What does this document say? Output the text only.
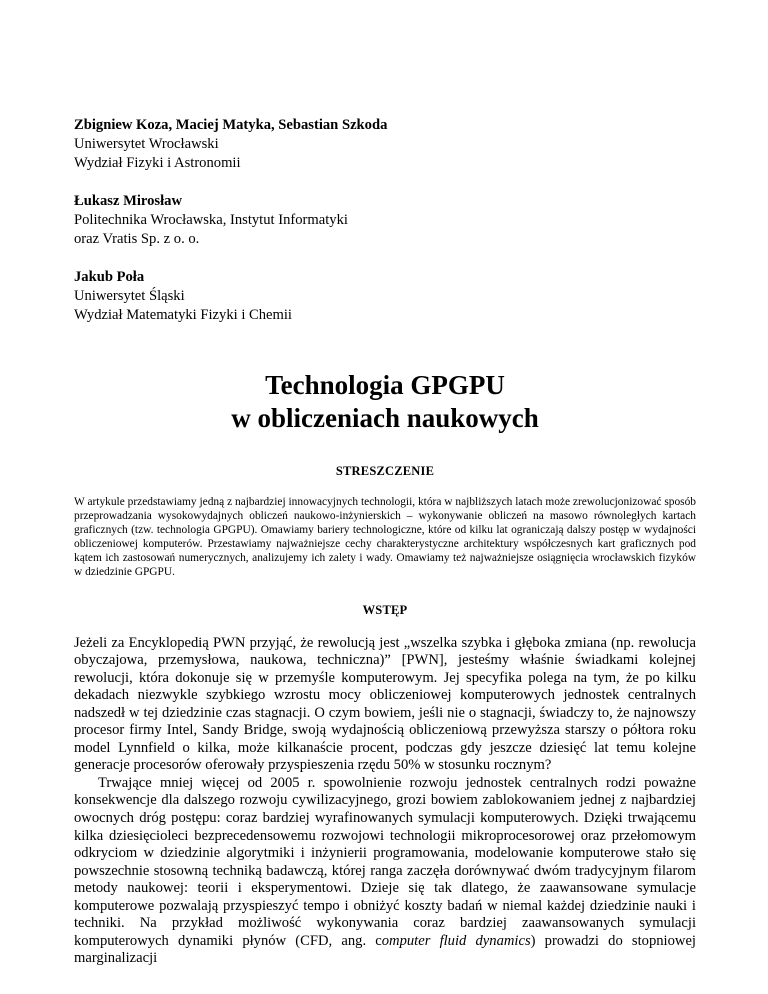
Zbigniew Koza, Maciej Matyka, Sebastian Szkoda
Uniwersytet Wrocławski
Wydział Fizyki i Astronomii
Łukasz Mirosław
Politechnika Wrocławska, Instytut Informatyki
oraz Vratis Sp. z o. o.
Jakub Poła
Uniwersytet Śląski
Wydział Matematyki Fizyki i Chemii
Technologia GPGPU
w obliczeniach naukowych
STRESZCZENIE
W artykule przedstawiamy jedną z najbardziej innowacyjnych technologii, która w najbliższych latach może zrewolucjonizować sposób przeprowadzania wysokowydajnych obliczeń naukowo-inżynierskich – wykonywanie obliczeń na masowo równoległych kartach graficznych (tzw. technologia GPGPU). Omawiamy bariery technologiczne, które od kilku lat ograniczają dalszy postęp w wydajności obliczeniowej komputerów. Przestawiamy najważniejsze cechy charakterystyczne architektury współczesnych kart graficznych pod kątem ich zastosowań numerycznych, analizujemy ich zalety i wady. Omawiamy też najważniejsze osiągnięcia wrocławskich fizyków w dziedzinie GPGPU.
WSTĘP

Jeżeli za Encyklopedią PWN przyjąć, że rewolucją jest „wszelka szybka i głęboka zmiana (np. rewolucja obyczajowa, przemysłowa, naukowa, techniczna)” [PWN], jesteśmy właśnie świadkami kolejnej rewolucji, która dokonuje się w przemyśle komputerowym. Jej specyfika polega na tym, że po kilku dekadach niezwykle szybkiego wzrostu mocy obliczeniowej komputerowych jednostek centralnych nadszedł w tej dziedzinie czas stagnacji. O czym bowiem, jeśli nie o stagnacji, świadczy to, że najnowszy procesor firmy Intel, Sandy Bridge, swoją wydajnością obliczeniową przewyższa starszy o półtora roku model Lynnfield o kilka, może kilkanaście procent, podczas gdy jeszcze dziesięć lat temu kolejne generacje procesorów oferowały przyspieszenia rzędu 50% w stosunku rocznym?

Trwające mniej więcej od 2005 r. spowolnienie rozwoju jednostek centralnych rodzi poważne konsekwencje dla dalszego rozwoju cywilizacyjnego, grozi bowiem zablokowaniem jednej z najbardziej owocnych dróg postępu: coraz bardziej wyrafinowanych symulacji komputerowych. Dzięki trwającemu kilka dziesięcioleci bezprecedensowemu rozwojowi technologii mikroprocesorowej oraz przełomowym odkryciom w dziedzinie algorytmiki i inżynierii programowania, modelowanie komputerowe stało się powszechnie stosowną techniką badawczą, której ranga zaczęła dorównywać dwóm tradycyjnym filarom metody naukowej: teorii i eksperymentowi. Dzieje się tak dlatego, że zaawansowane symulacje komputerowe pozwalają przyspieszyć tempo i obniżyć koszty badań w niemal każdej dziedzinie nauki i techniki. Na przykład możliwość wykonywania coraz bardziej zaawansowanych symulacji komputerowych dynamiki płynów (CFD, ang. computer fluid dynamics) prowadzi do stopniowej marginalizacji
